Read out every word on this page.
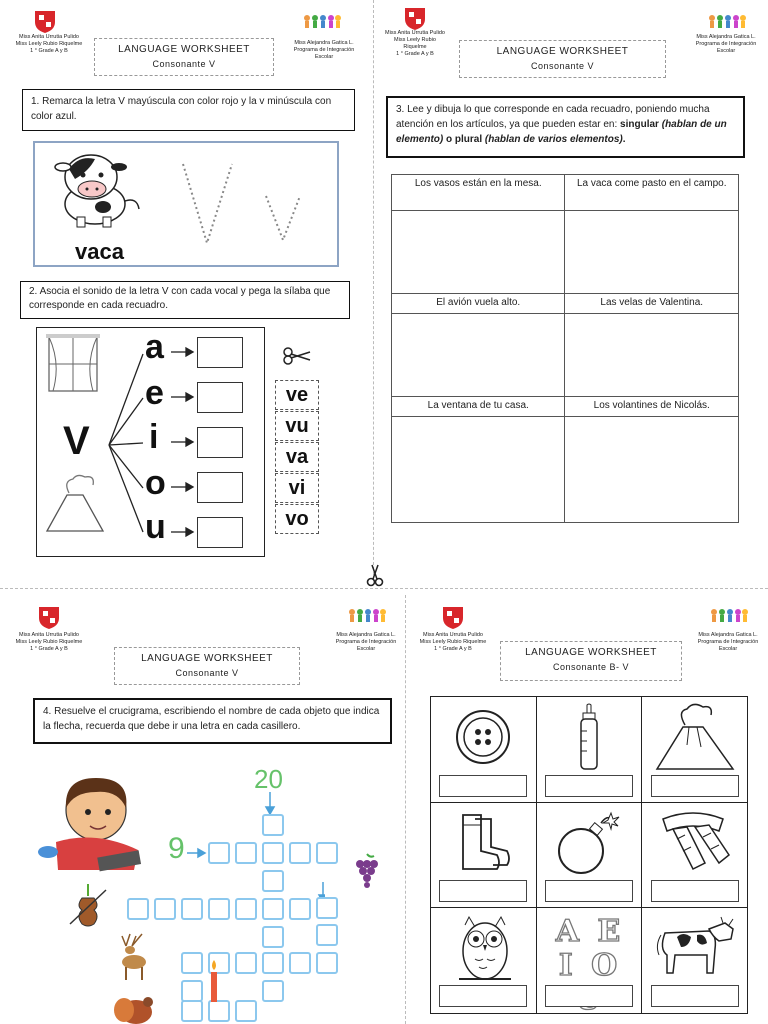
Miss Anita Urrutia Pulido
Miss Leely Rubio Riquelme
1 ° Grade A y B	LANGUAGE WORKSHEET
Consonante V
Miss Alejandra Gatica L.
Programa de Integración
Escolar
1. Remarca la letra V mayúscula con color rojo y la v minúscula con color azul.
vaca
2. Asocia el sonido de la letra V con cada vocal y pega la sílaba que corresponde en cada recuadro.
V
a
e
i
o
u
ve
vu
va
vi
vo
Miss Anita Urrutia Pulido
Miss Leely Rubio
Riquelme
1 ° Grade A y B	LANGUAGE WORKSHEET
Consonante V
Miss Alejandra Gatica L.
Programa de Integración
Escolar
3. Lee y dibuja lo que corresponde en cada recuadro, poniendo mucha atención en los artículos, ya que pueden estar en: singular (hablan de un elemento) o plural (hablan de varios elementos).
Los vasos están en la mesa.	La vaca come pasto en el campo.

El avión vuela alto.	Las velas de Valentina.

La ventana de tu casa.	Los volantines de Nicolás.

Miss Anita Urrutia Pulido
Miss Leely Rubio Riquelme
1 ° Grade A y B
LANGUAGE WORKSHEET
Consonante V
Miss Alejandra Gatica L.
Programa de Integración
Escolar
4. Resuelve el crucigrama, escribiendo el nombre de cada objeto que indica la flecha, recuerda que debe ir una letra en cada casillero.
20
9
Miss Anita Urrutia Pulido
Miss Leely Rubio Riquelme
1 ° Grade A y B	LANGUAGE WORKSHEET
Consonante B- V
Miss Alejandra Gatica L.
Programa de Integración
Escolar
A E I O
